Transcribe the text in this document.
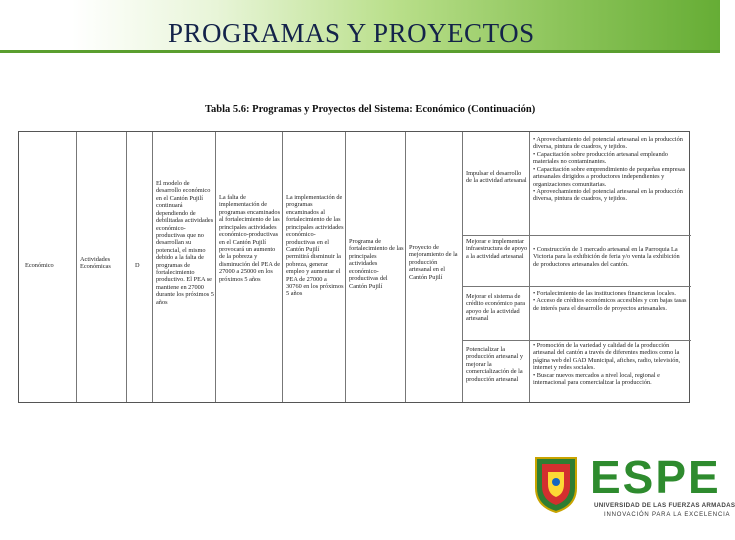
PROGRAMAS Y PROYECTOS
Tabla 5.6: Programas y Proyectos del Sistema: Económico (Continuación)
Económico
Actividades Económicas	D
El modelo de desarrollo económico en el Cantón Pujilí continuará dependiendo de debilitadas actividades económico-productivas que no desarrollan su potencial, el mismo debido a la falta de programas de fortalecimiento productivo. El PEA se mantiene en 27000 durante los próximos 5 años
La falta de implementación de programas encaminados al fortalecimiento de las principales actividades económico-productivas en el Cantón Pujilí provocará un aumento de la pobreza y disminución del PEA de 27000 a 25000 en los próximos 5 años
La implementación de programas encaminados al fortalecimiento de las principales actividades económico-productivas en el Cantón Pujilí permitirá disminuir la pobreza, generar empleo y aumentar el PEA de 27000 a 30760 en los próximos 5 años
Programa de fortalecimiento de las principales actividades económico-productivas del Cantón Pujilí
Proyecto de mejoramiento de la producción artesanal en el Cantón Pujilí
Impulsar el desarrollo de la actividad artesanal
Mejorar e implementar infraestructura de apoyo a la actividad artesanal
Mejorar el sistema de crédito económico para apoyo de la actividad artesanal
Potencializar la producción artesanal y mejorar la comercialización de la producción artesanal
• Aprovechamiento del potencial artesanal en la producción diversa, pintura de cuadros, y tejidos.
• Capacitación sobre producción artesanal empleando materiales no contaminantes.
• Capacitación sobre emprendimiento de pequeñas empresas artesanales dirigidos a productores independientes y organizaciones comunitarias.
• Aprovechamiento del potencial artesanal en la producción diversa, pintura de cuadros, y tejidos.
• Construcción de 1 mercado artesanal en la Parroquia La Victoria para la exhibición de feria y/o venta la exhibición de productores artesanales del cantón.
• Fortalecimiento de las instituciones financieras locales.
• Acceso de créditos económicos accesibles y con bajas tasas de interés para el desarrollo de proyectos artesanales.
• Promoción de la variedad y calidad de la producción artesanal del cantón a través de diferentes medios como la página web del GAD Municipal, afiches, radio, televisión, internet y redes sociales.
• Buscar nuevos mercados a nivel local, regional e internacional para comercializar la producción.
ESPE
UNIVERSIDAD DE LAS FUERZAS ARMADAS
INNOVACIÓN PARA LA EXCELENCIA
